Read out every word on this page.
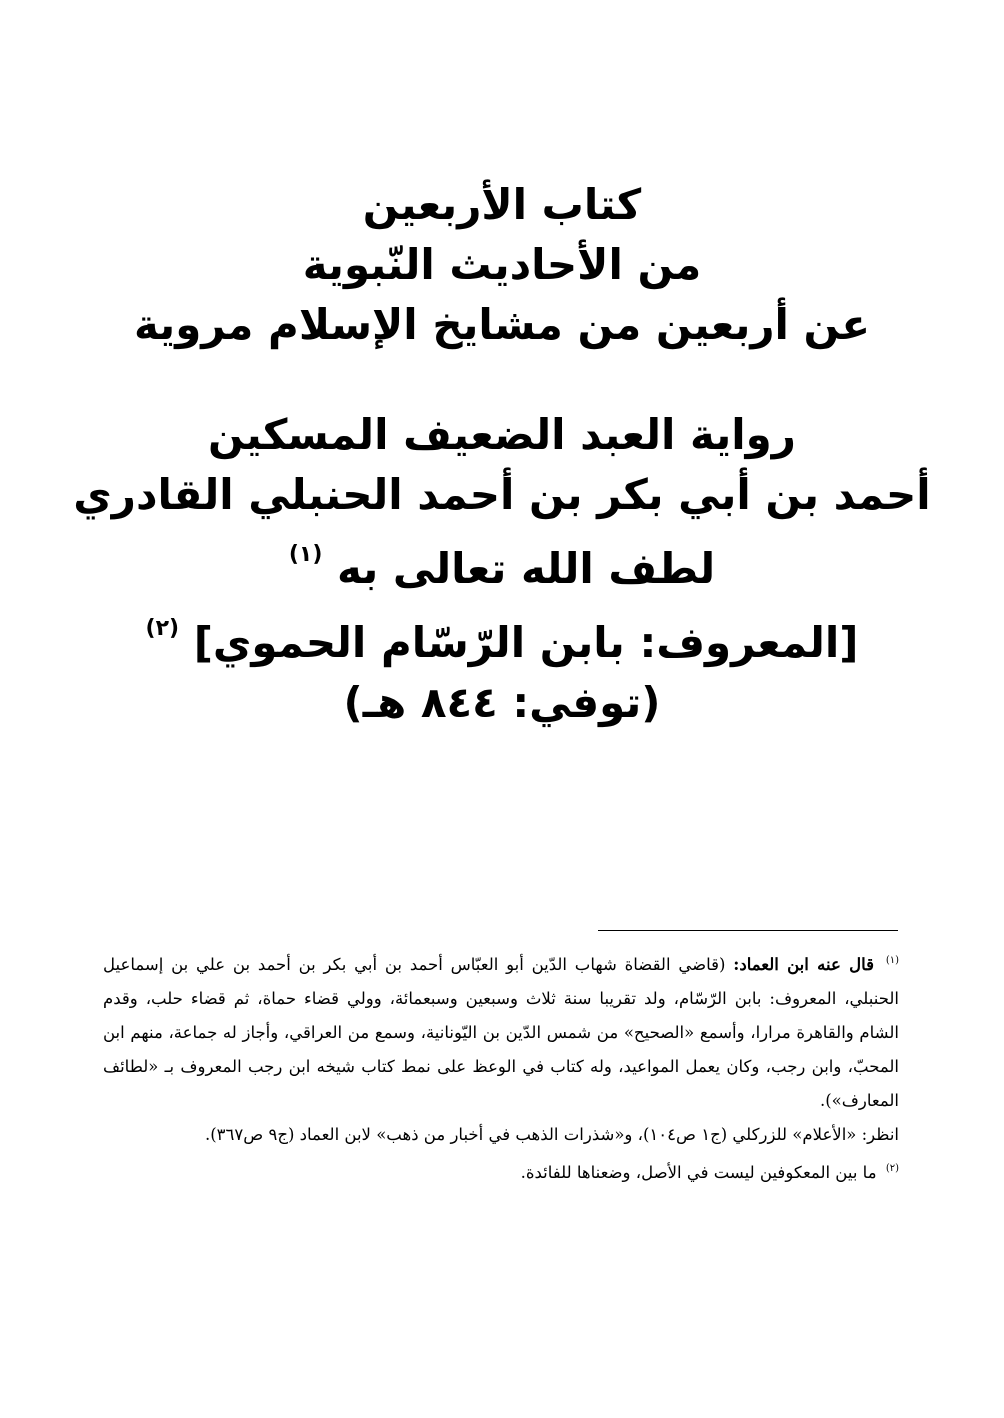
كتاب الأربعين
من الأحاديث النّبوية
عن أربعين من مشايخ الإسلام مروية
رواية العبد الضعيف المسكين
أحمد بن أبي بكر بن أحمد الحنبلي القادري
لطف الله تعالى به $^{(١)}$
[المعروف: بابن الرّسّام الحموي] $^{(٢)}$
(توفي: ٨٤٤ هـ)

$^{(١)}$ قال عنه ابن العماد: (قاضي القضاة شهاب الدّين أبو العبّاس أحمد بن أبي بكر بن أحمد بن علي بن إسماعيل الحنبلي، المعروف: بابن الرّسّام، ولد تقريبا سنة ثلاث وسبعين وسبعمائة، وولي قضاء حماة، ثم قضاء حلب، وقدم الشام والقاهرة مرارا، وأسمع «الصحيح» من شمس الدّين بن اليّونانية، وسمع من العراقي، وأجاز له جماعة، منهم ابن المحبّ، وابن رجب، وكان يعمل المواعيد، وله كتاب في الوعظ على نمط كتاب شيخه ابن رجب المعروف بـ «لطائف المعارف»).

انظر: «الأعلام» للزركلي (ج١ ص١٠٤)، و«شذرات الذهب في أخبار من ذهب» لابن العماد (ج٩ ص٣٦٧).

$^{(٢)}$ ما بين المعكوفين ليست في الأصل، وضعناها للفائدة.
